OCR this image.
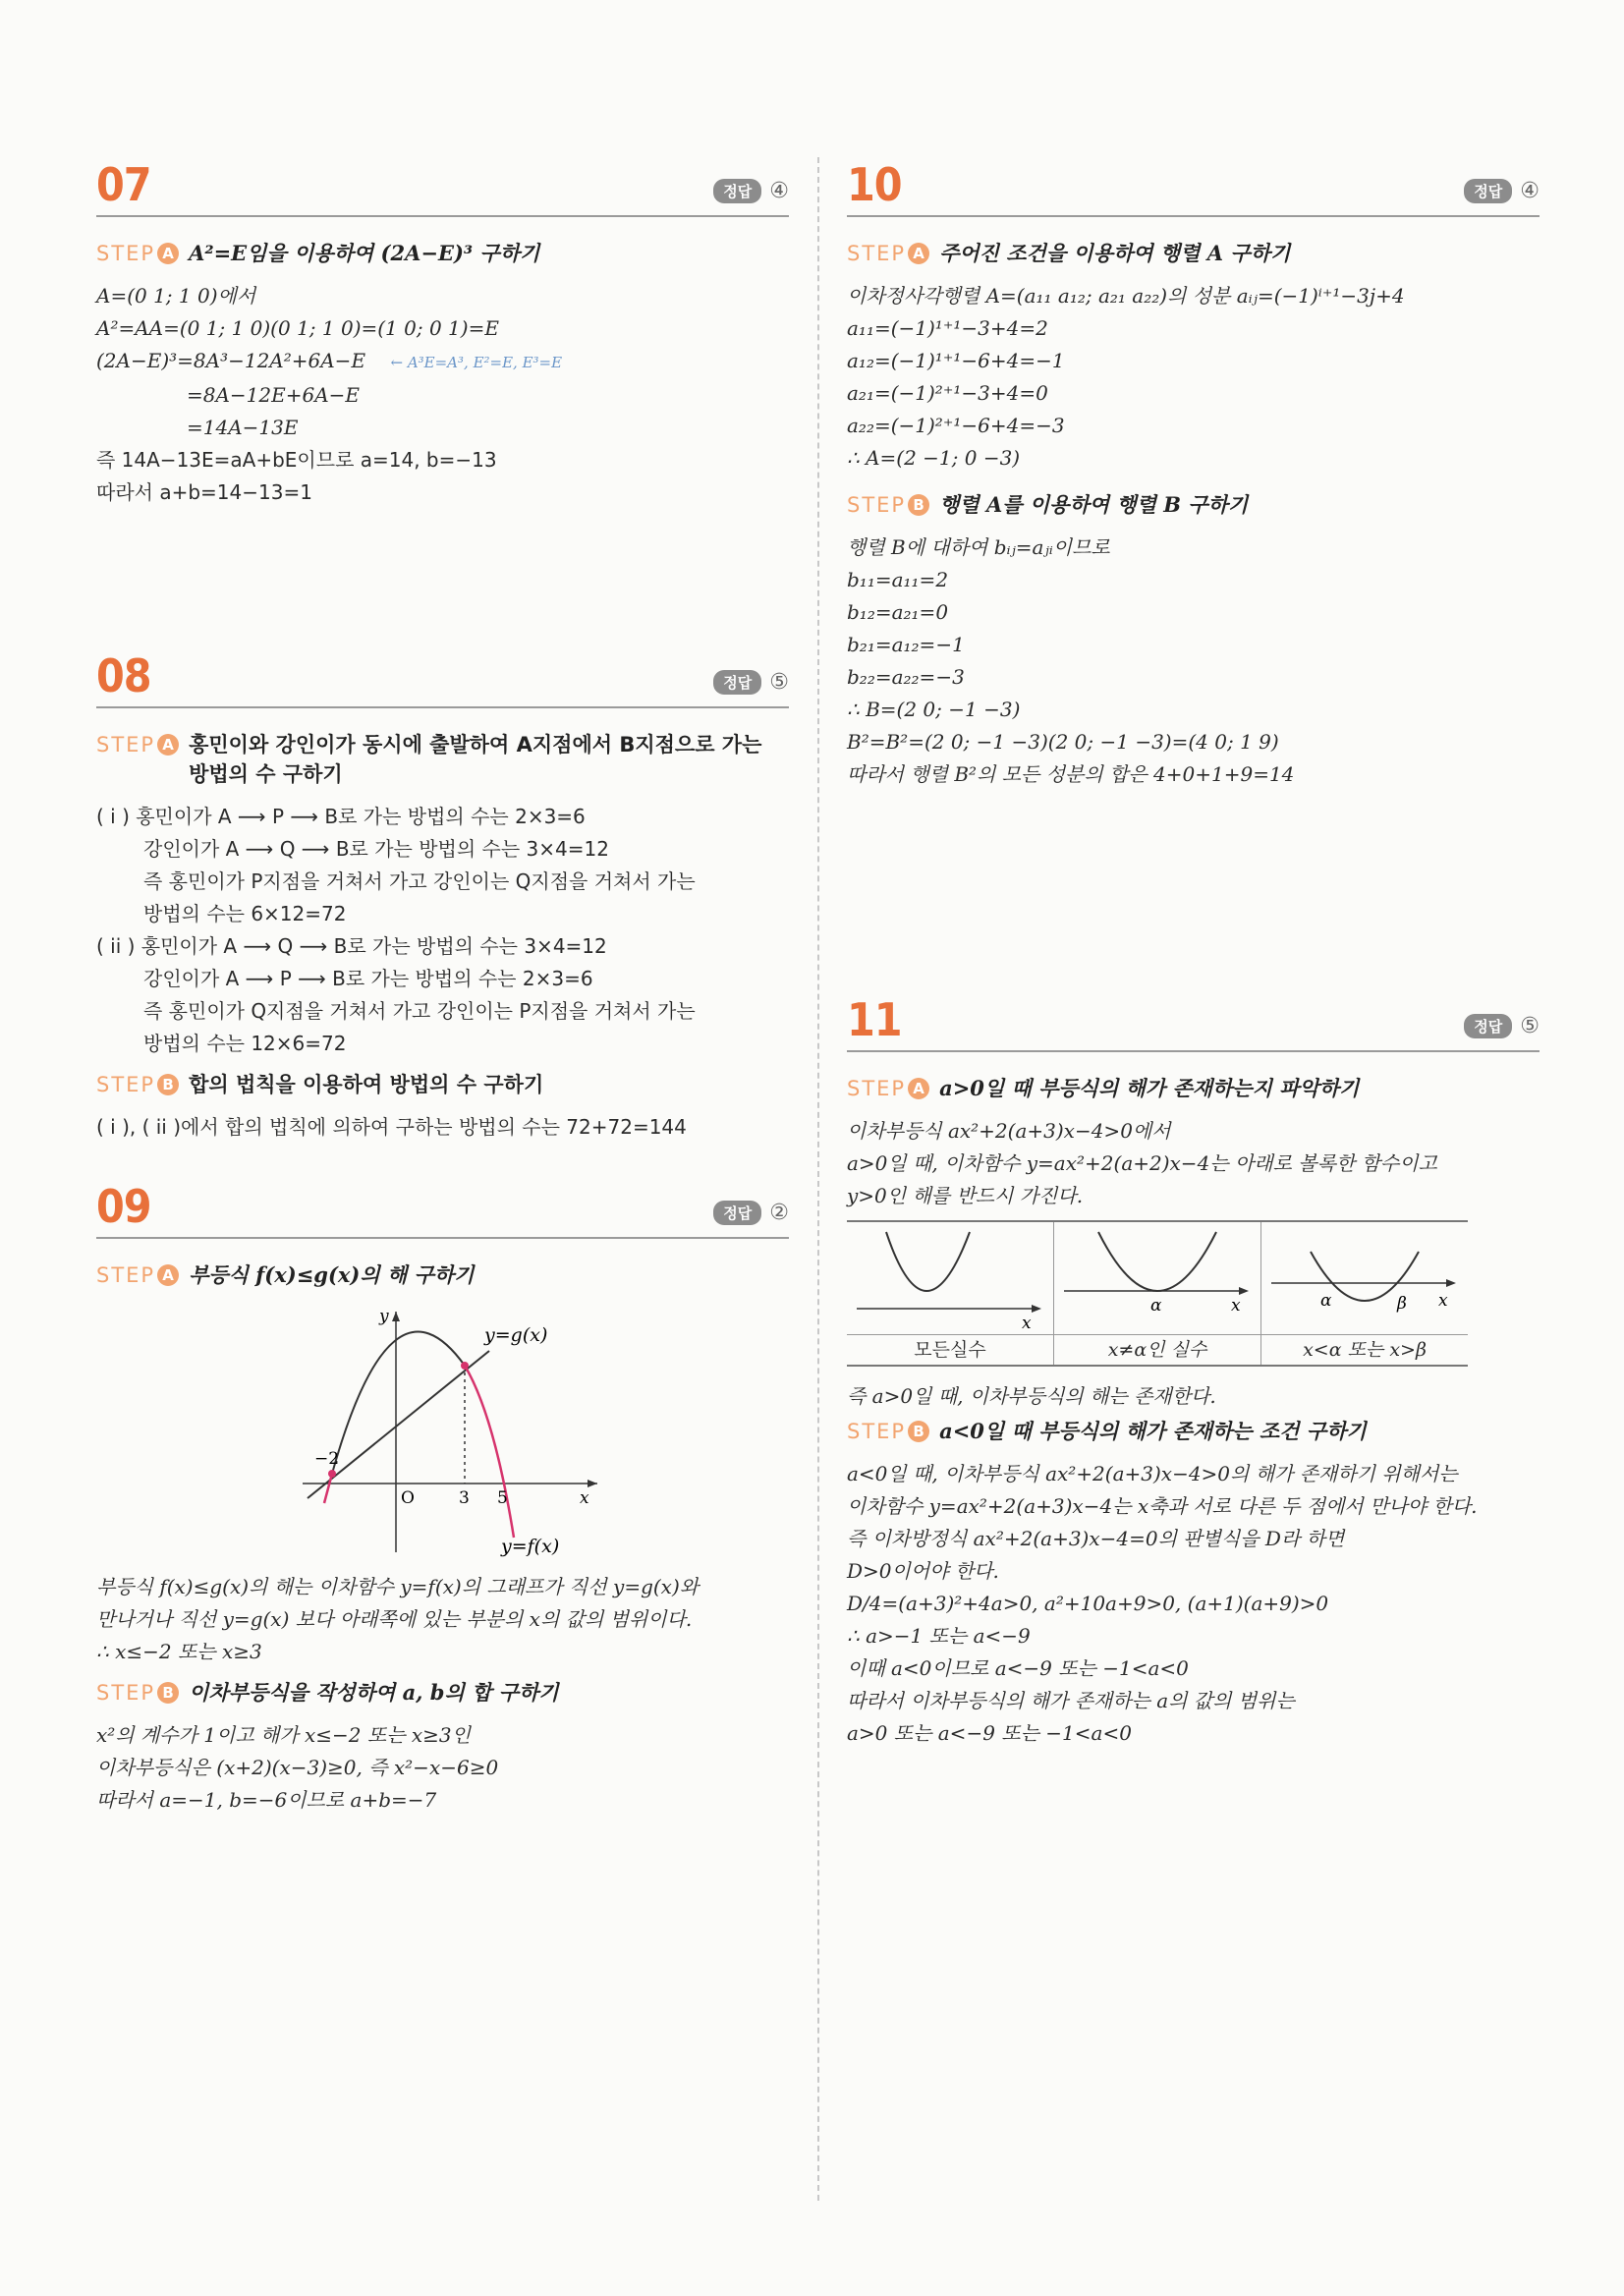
07	정답 ④
STEP A A²=E임을 이용하여 (2A−E)³ 구하기
A=(0 1; 1 0)에서
A²=AA=(0 1; 1 0)(0 1; 1 0)=(1 0; 0 1)=E
(2A−E)³=8A³−12A²+6A−E ← A³E=A³, E²=E, E³=E
=8A−12E+6A−E
=14A−13E
즉 14A−13E=aA+bE이므로 a=14, b=−13
따라서 a+b=14−13=1
08	정답 ⑤
STEP A 홍민이와 강인이가 동시에 출발하여 A지점에서 B지점으로 가는
방법의 수 구하기
( i ) 홍민이가 A ⟶ P ⟶ B로 가는 방법의 수는 2×3=6
강인이가 A ⟶ Q ⟶ B로 가는 방법의 수는 3×4=12
즉 홍민이가 P지점을 거쳐서 가고 강인이는 Q지점을 거쳐서 가는
방법의 수는 6×12=72
( ii ) 홍민이가 A ⟶ Q ⟶ B로 가는 방법의 수는 3×4=12
강인이가 A ⟶ P ⟶ B로 가는 방법의 수는 2×3=6
즉 홍민이가 Q지점을 거쳐서 가고 강인이는 P지점을 거쳐서 가는
방법의 수는 12×6=72
STEP B 합의 법칙을 이용하여 방법의 수 구하기
( i ), ( ii )에서 합의 법칙에 의하여 구하는 방법의 수는 72+72=144
09	정답 ②
STEP A 부등식 f(x)≤g(x)의 해 구하기
y
x
y=g(x)
y=f(x)
−2
O	3 5
부등식 f(x)≤g(x)의 해는 이차함수 y=f(x)의 그래프가 직선 y=g(x)와
만나거나 직선 y=g(x) 보다 아래쪽에 있는 부분의 x의 값의 범위이다.
∴ x≤−2 또는 x≥3
STEP B 이차부등식을 작성하여 a, b의 합 구하기
x²의 계수가 1이고 해가 x≤−2 또는 x≥3인
이차부등식은 (x+2)(x−3)≥0, 즉 x²−x−6≥0
따라서 a=−1, b=−6이므로 a+b=−7
10	정답 ④
STEP A 주어진 조건을 이용하여 행렬 A 구하기
이차정사각행렬 A=(a₁₁ a₁₂; a₂₁ a₂₂)의 성분 aᵢⱼ=(−1)ⁱ⁺¹−3j+4
a₁₁=(−1)¹⁺¹−3+4=2
a₁₂=(−1)¹⁺¹−6+4=−1
a₂₁=(−1)²⁺¹−3+4=0
a₂₂=(−1)²⁺¹−6+4=−3
∴ A=(2 −1; 0 −3)
STEP B 행렬 A를 이용하여 행렬 B 구하기
행렬 B에 대하여 bᵢⱼ=aⱼᵢ이므로
b₁₁=a₁₁=2
b₁₂=a₂₁=0
b₂₁=a₁₂=−1
b₂₂=a₂₂=−3
∴ B=(2 0; −1 −3)
B²=B²=(2 0; −1 −3)(2 0; −1 −3)=(4 0; 1 9)
따라서 행렬 B²의 모든 성분의 합은 4+0+1+9=14
11	정답 ⑤
STEP A a>0일 때 부등식의 해가 존재하는지 파악하기
이차부등식 ax²+2(a+3)x−4>0에서
a>0일 때, 이차함수 y=ax²+2(a+2)x−4는 아래로 볼록한 함수이고
y>0인 해를 반드시 가진다.
x
x
α	x
α	β
모든실수	x≠α인 실수	x<α 또는 x>β
즉 a>0일 때, 이차부등식의 해는 존재한다.
STEP B a<0일 때 부등식의 해가 존재하는 조건 구하기
a<0일 때, 이차부등식 ax²+2(a+3)x−4>0의 해가 존재하기 위해서는
이차함수 y=ax²+2(a+3)x−4는 x축과 서로 다른 두 점에서 만나야 한다.
즉 이차방정식 ax²+2(a+3)x−4=0의 판별식을 D라 하면
D>0이어야 한다.
D/4=(a+3)²+4a>0, a²+10a+9>0, (a+1)(a+9)>0
∴ a>−1 또는 a<−9
이때 a<0이므로 a<−9 또는 −1<a<0
따라서 이차부등식의 해가 존재하는 a의 값의 범위는
a>0 또는 a<−9 또는 −1<a<0
